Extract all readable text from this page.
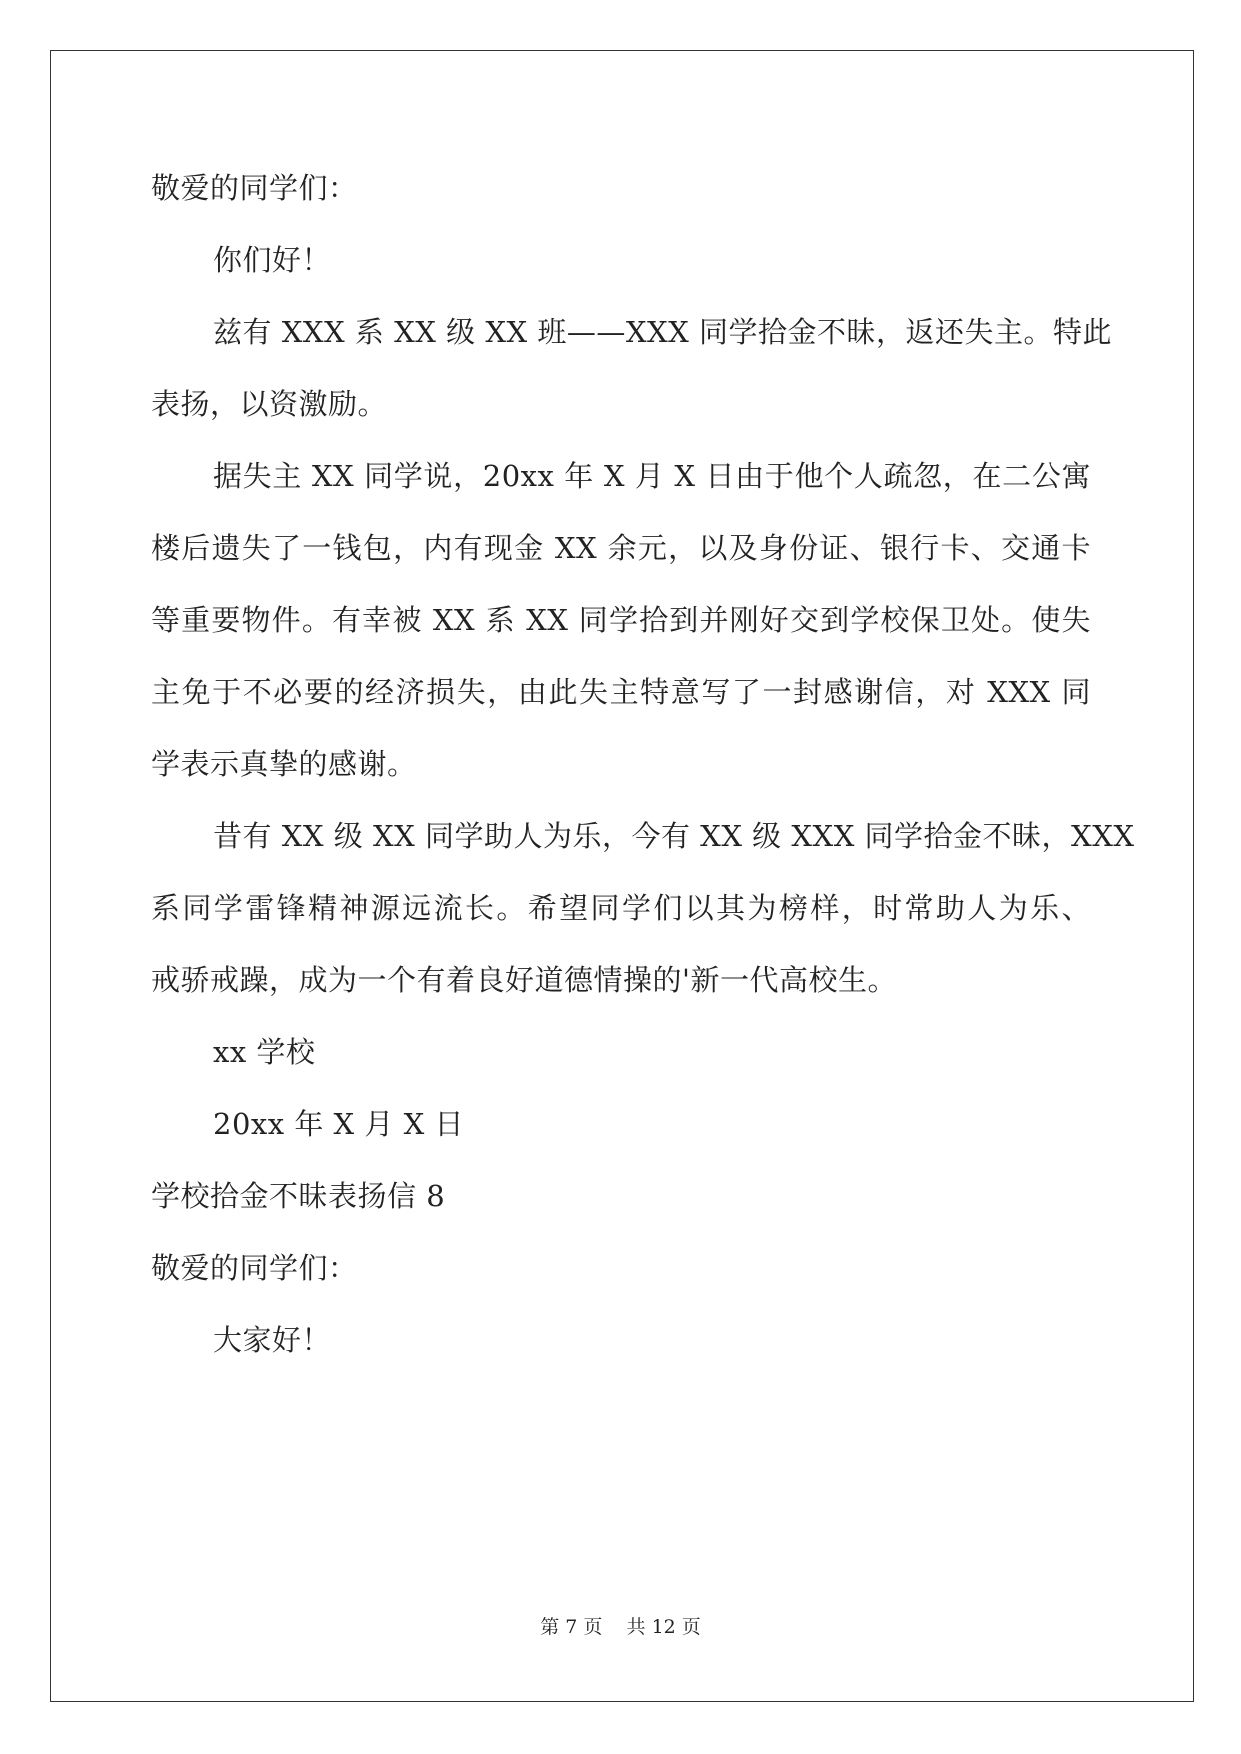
敬爱的同学们：
你们好！
兹有 XXX 系 XX 级 XX 班——XXX 同学拾金不昧，返还失主。特此
表扬，以资激励。
据失主 XX 同学说，20xx 年 X 月 X 日由于他个人疏忽，在二公寓
楼后遗失了一钱包，内有现金 XX 余元，以及身份证、银行卡、交通卡
等重要物件。有幸被 XX 系 XX 同学拾到并刚好交到学校保卫处。使失
主免于不必要的经济损失，由此失主特意写了一封感谢信，对 XXX 同
学表示真挚的感谢。
昔有 XX 级 XX 同学助人为乐，今有 XX 级 XXX 同学拾金不昧，XXX
系同学雷锋精神源远流长。希望同学们以其为榜样，时常助人为乐、
戒骄戒躁，成为一个有着良好道德情操的'新一代高校生。
xx 学校
20xx 年 X 月 X 日
学校拾金不昧表扬信 8
敬爱的同学们：
大家好！
第 7 页 共 12 页
